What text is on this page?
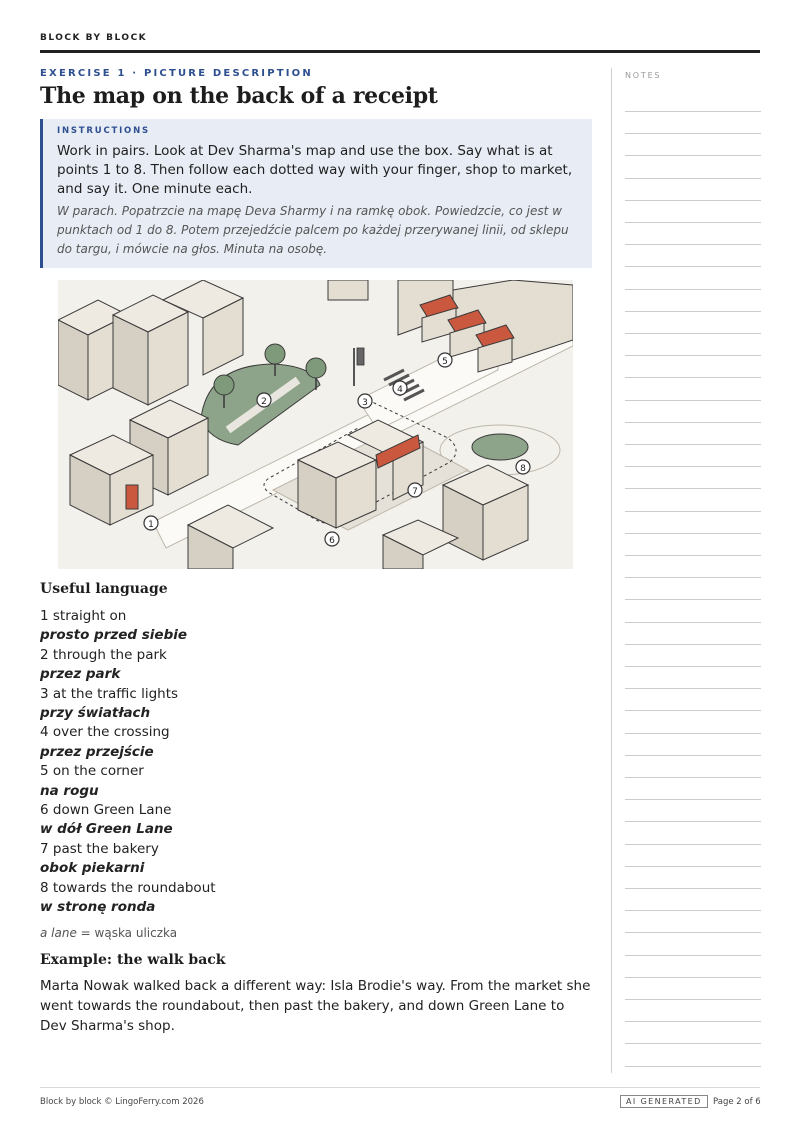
BLOCK BY BLOCK

EXERCISE 1 · PICTURE DESCRIPTION

The map on the back of a receipt
INSTRUCTIONS
Work in pairs. Look at Dev Sharma's map and use the box. Say what is at points 1 to 8. Then follow each dotted way with your finger, shop to market, and say it. One minute each.
W parach. Popatrzcie na mapę Deva Sharmy i na ramkę obok. Powiedzcie, co jest w punktach od 1 do 8. Potem przejedźcie palcem po każdej przerywanej linii, od sklepu do targu, i mówcie na głos. Minuta na osobę.
1
2	3
4
5
6
7
8
Useful language
1 straight on
prosto przed siebie
2 through the park
przez park
3 at the traffic lights
przy światłach
4 over the crossing
przez przejście
5 on the corner
na rogu
6 down Green Lane
w dół Green Lane
7 past the bakery
obok piekarni
8 towards the roundabout
w stronę ronda
a lane = wąska uliczka
Example: the walk back
Marta Nowak walked back a different way: Isla Brodie's way. From the market she went towards the roundabout, then past the bakery, and down Green Lane to Dev Sharma's shop.
NOTES
Block by block © LingoFerry.com 2026	AI GENERATED	Page 2 of 6
